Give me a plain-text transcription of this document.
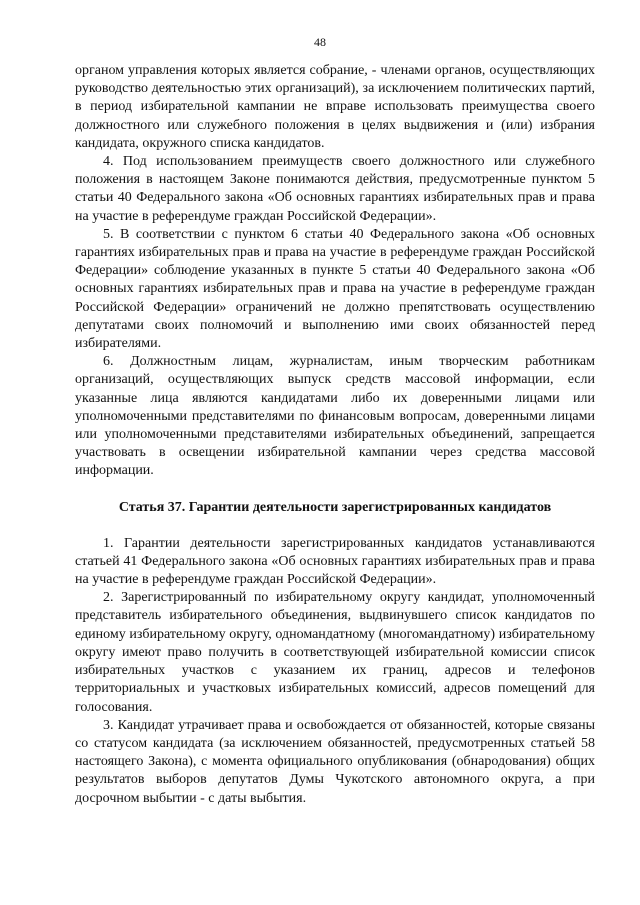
48

органом управления которых является собрание, - членами органов, осуществляющих руководство деятельностью этих организаций), за исключением политических партий, в период избирательной кампании не вправе использовать преимущества своего должностного или служебного положения в целях выдвижения и (или) избрания кандидата, окружного списка кандидатов.

4. Под использованием преимуществ своего должностного или служебного положения в настоящем Законе понимаются действия, предусмотренные пунктом 5 статьи 40 Федерального закона «Об основных гарантиях избирательных прав и права на участие в референдуме граждан Российской Федерации».

5. В соответствии с пунктом 6 статьи 40 Федерального закона «Об основных гарантиях избирательных прав и права на участие в референдуме граждан Российской Федерации» соблюдение указанных в пункте 5 статьи 40 Федерального закона «Об основных гарантиях избирательных прав и права на участие в референдуме граждан Российской Федерации» ограничений не должно препятствовать осуществлению депутатами своих полномочий и выполнению ими своих обязанностей перед избирателями.

6. Должностным лицам, журналистам, иным творческим работникам организаций, осуществляющих выпуск средств массовой информации, если указанные лица являются кандидатами либо их доверенными лицами или уполномоченными представителями по финансовым вопросам, доверенными лицами или уполномоченными представителями избирательных объединений, запрещается участвовать в освещении избирательной кампании через средства массовой информации.

Статья 37. Гарантии деятельности зарегистрированных кандидатов

1. Гарантии деятельности зарегистрированных кандидатов устанавливаются статьей 41 Федерального закона «Об основных гарантиях избирательных прав и права на участие в референдуме граждан Российской Федерации».

2. Зарегистрированный по избирательному округу кандидат, уполномоченный представитель избирательного объединения, выдвинувшего список кандидатов по единому избирательному округу, одномандатному (многомандатному) избирательному округу имеют право получить в соответствующей избирательной комиссии список избирательных участков с указанием их границ, адресов и телефонов территориальных и участковых избирательных комиссий, адресов помещений для голосования.

3. Кандидат утрачивает права и освобождается от обязанностей, которые связаны со статусом кандидата (за исключением обязанностей, предусмотренных статьей 58 настоящего Закона), с момента официального опубликования (обнародования) общих результатов выборов депутатов Думы Чукотского автономного округа, а при досрочном выбытии - с даты выбытия.
